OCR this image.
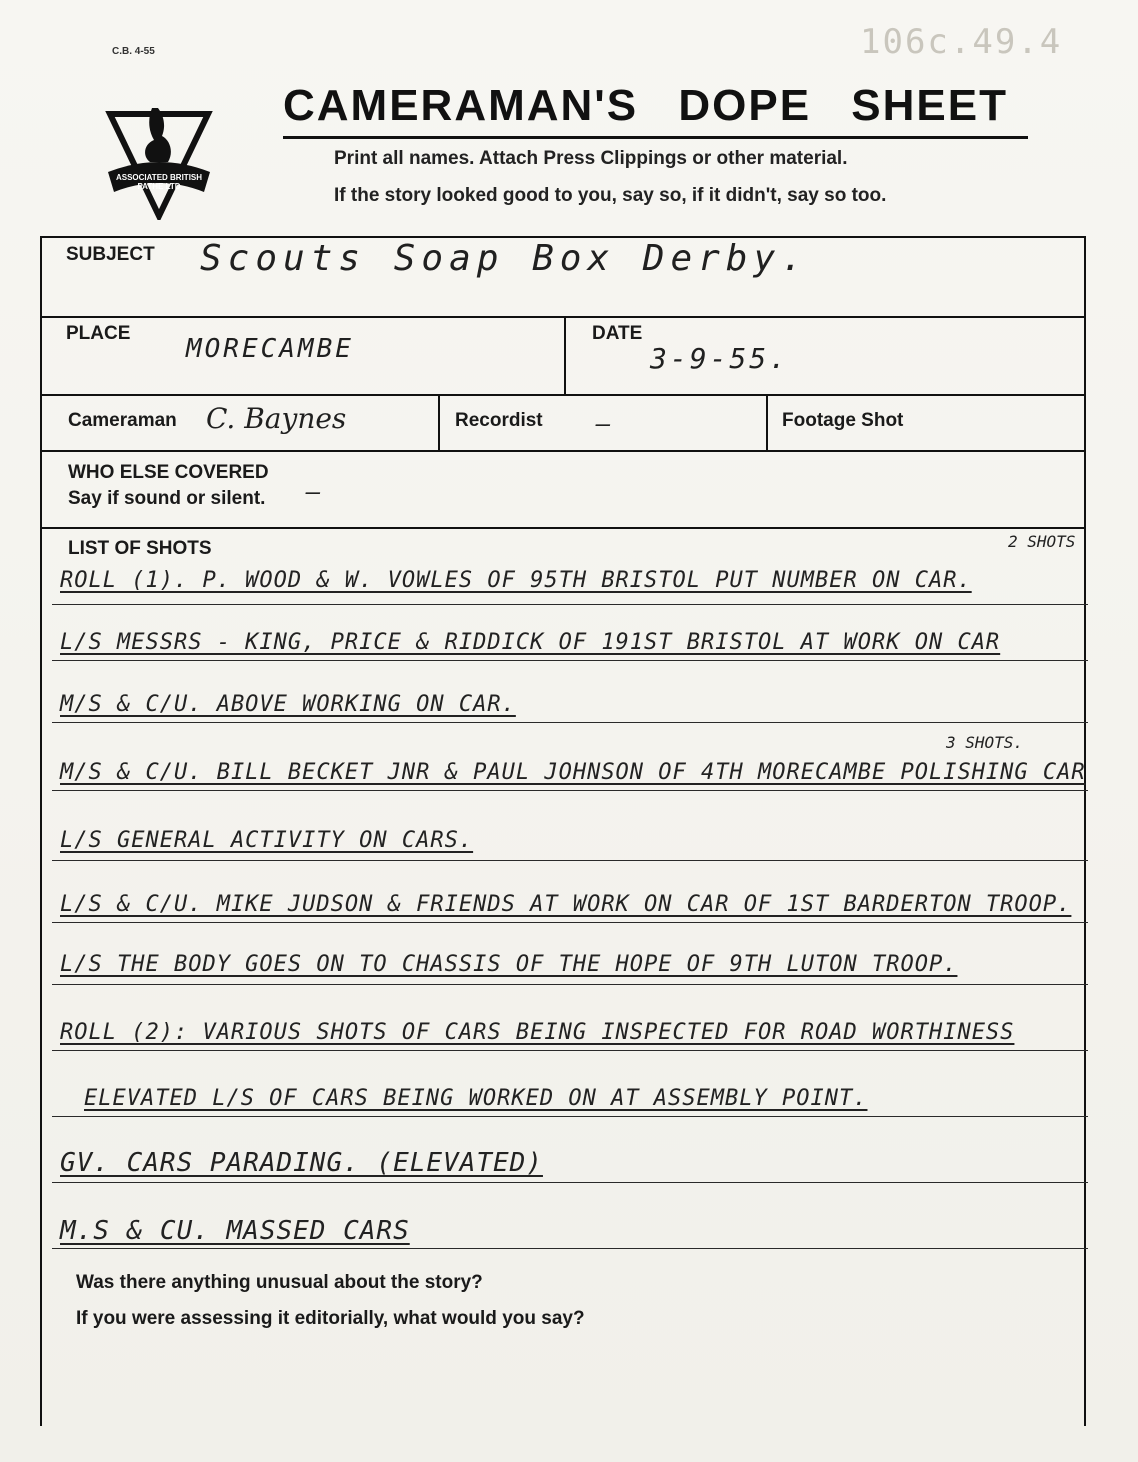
C.B. 4-55	106c.49.4
ASSOCIATED BRITISH
PATHE LTD
CAMERAMAN'S DOPE SHEET
Print all names. Attach Press Clippings or other material.
If the story looked good to you, say so, if it didn't, say so too.
SUBJECT Scouts Soap Box Derby.
PLACE
MORECAMBE
DATE
3-9-55.
Cameraman C. Baynes	Recordist —	Footage Shot
WHO ELSE COVERED
Say if sound or silent. —
LIST OF SHOTS	2 SHOTS
3 SHOTS.
ROLL (1). P. WOOD & W. VOWLES OF 95TH BRISTOL PUT NUMBER ON CAR.
L/S MESSRS - KING, PRICE & RIDDICK OF 191ST BRISTOL AT WORK ON CAR
M/S & C/U. ABOVE WORKING ON CAR.
M/S & C/U. BILL BECKET JNR & PAUL JOHNSON OF 4TH MORECAMBE POLISHING CAR
L/S GENERAL ACTIVITY ON CARS.
L/S & C/U. MIKE JUDSON & FRIENDS AT WORK ON CAR OF 1ST BARDERTON TROOP.
L/S THE BODY GOES ON TO CHASSIS OF THE HOPE OF 9TH LUTON TROOP.
ROLL (2): VARIOUS SHOTS OF CARS BEING INSPECTED FOR ROAD WORTHINESS
ELEVATED L/S OF CARS BEING WORKED ON AT ASSEMBLY POINT.
GV. CARS PARADING. (ELEVATED)
M.S & CU. MASSED CARS
Was there anything unusual about the story?
If you were assessing it editorially, what would you say?
